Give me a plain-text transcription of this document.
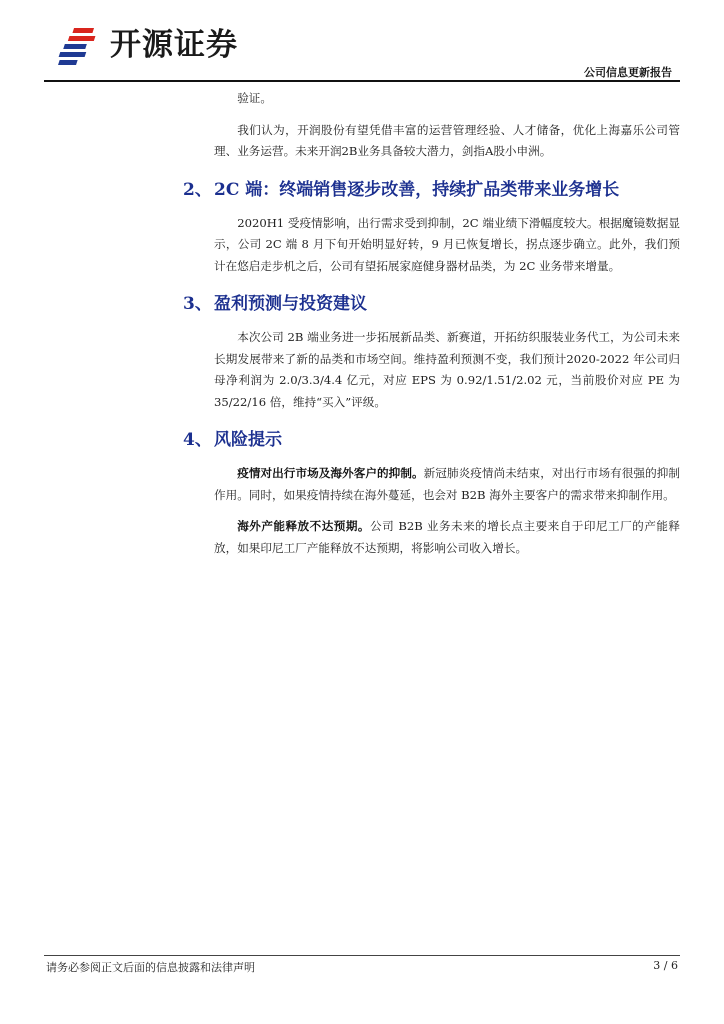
开源证券
公司信息更新报告

验证。

我们认为，开润股份有望凭借丰富的运营管理经验、人才储备，优化上海嘉乐公司管理、业务运营。未来开润2B业务具备较大潜力，剑指A股小申洲。

2、 2C 端：终端销售逐步改善，持续扩品类带来业务增长

2020H1 受疫情影响，出行需求受到抑制，2C 端业绩下滑幅度较大。根据魔镜数据显示，公司 2C 端 8 月下旬开始明显好转，9 月已恢复增长，拐点逐步确立。此外，我们预计在悠启走步机之后，公司有望拓展家庭健身器材品类，为 2C 业务带来增量。

3、 盈利预测与投资建议

本次公司 2B 端业务进一步拓展新品类、新赛道，开拓纺织服装业务代工，为公司未来长期发展带来了新的品类和市场空间。维持盈利预测不变，我们预计2020-2022 年公司归母净利润为 2.0/3.3/4.4 亿元，对应 EPS 为 0.92/1.51/2.02 元，当前股价对应 PE 为 35/22/16 倍，维持“买入”评级。

4、 风险提示

疫情对出行市场及海外客户的抑制。新冠肺炎疫情尚未结束，对出行市场有很强的抑制作用。同时，如果疫情持续在海外蔓延，也会对 B2B 海外主要客户的需求带来抑制作用。

海外产能释放不达预期。公司 B2B 业务未来的增长点主要来自于印尼工厂的产能释放，如果印尼工厂产能释放不达预期，将影响公司收入增长。

请务必参阅正文后面的信息披露和法律声明	3 / 6
